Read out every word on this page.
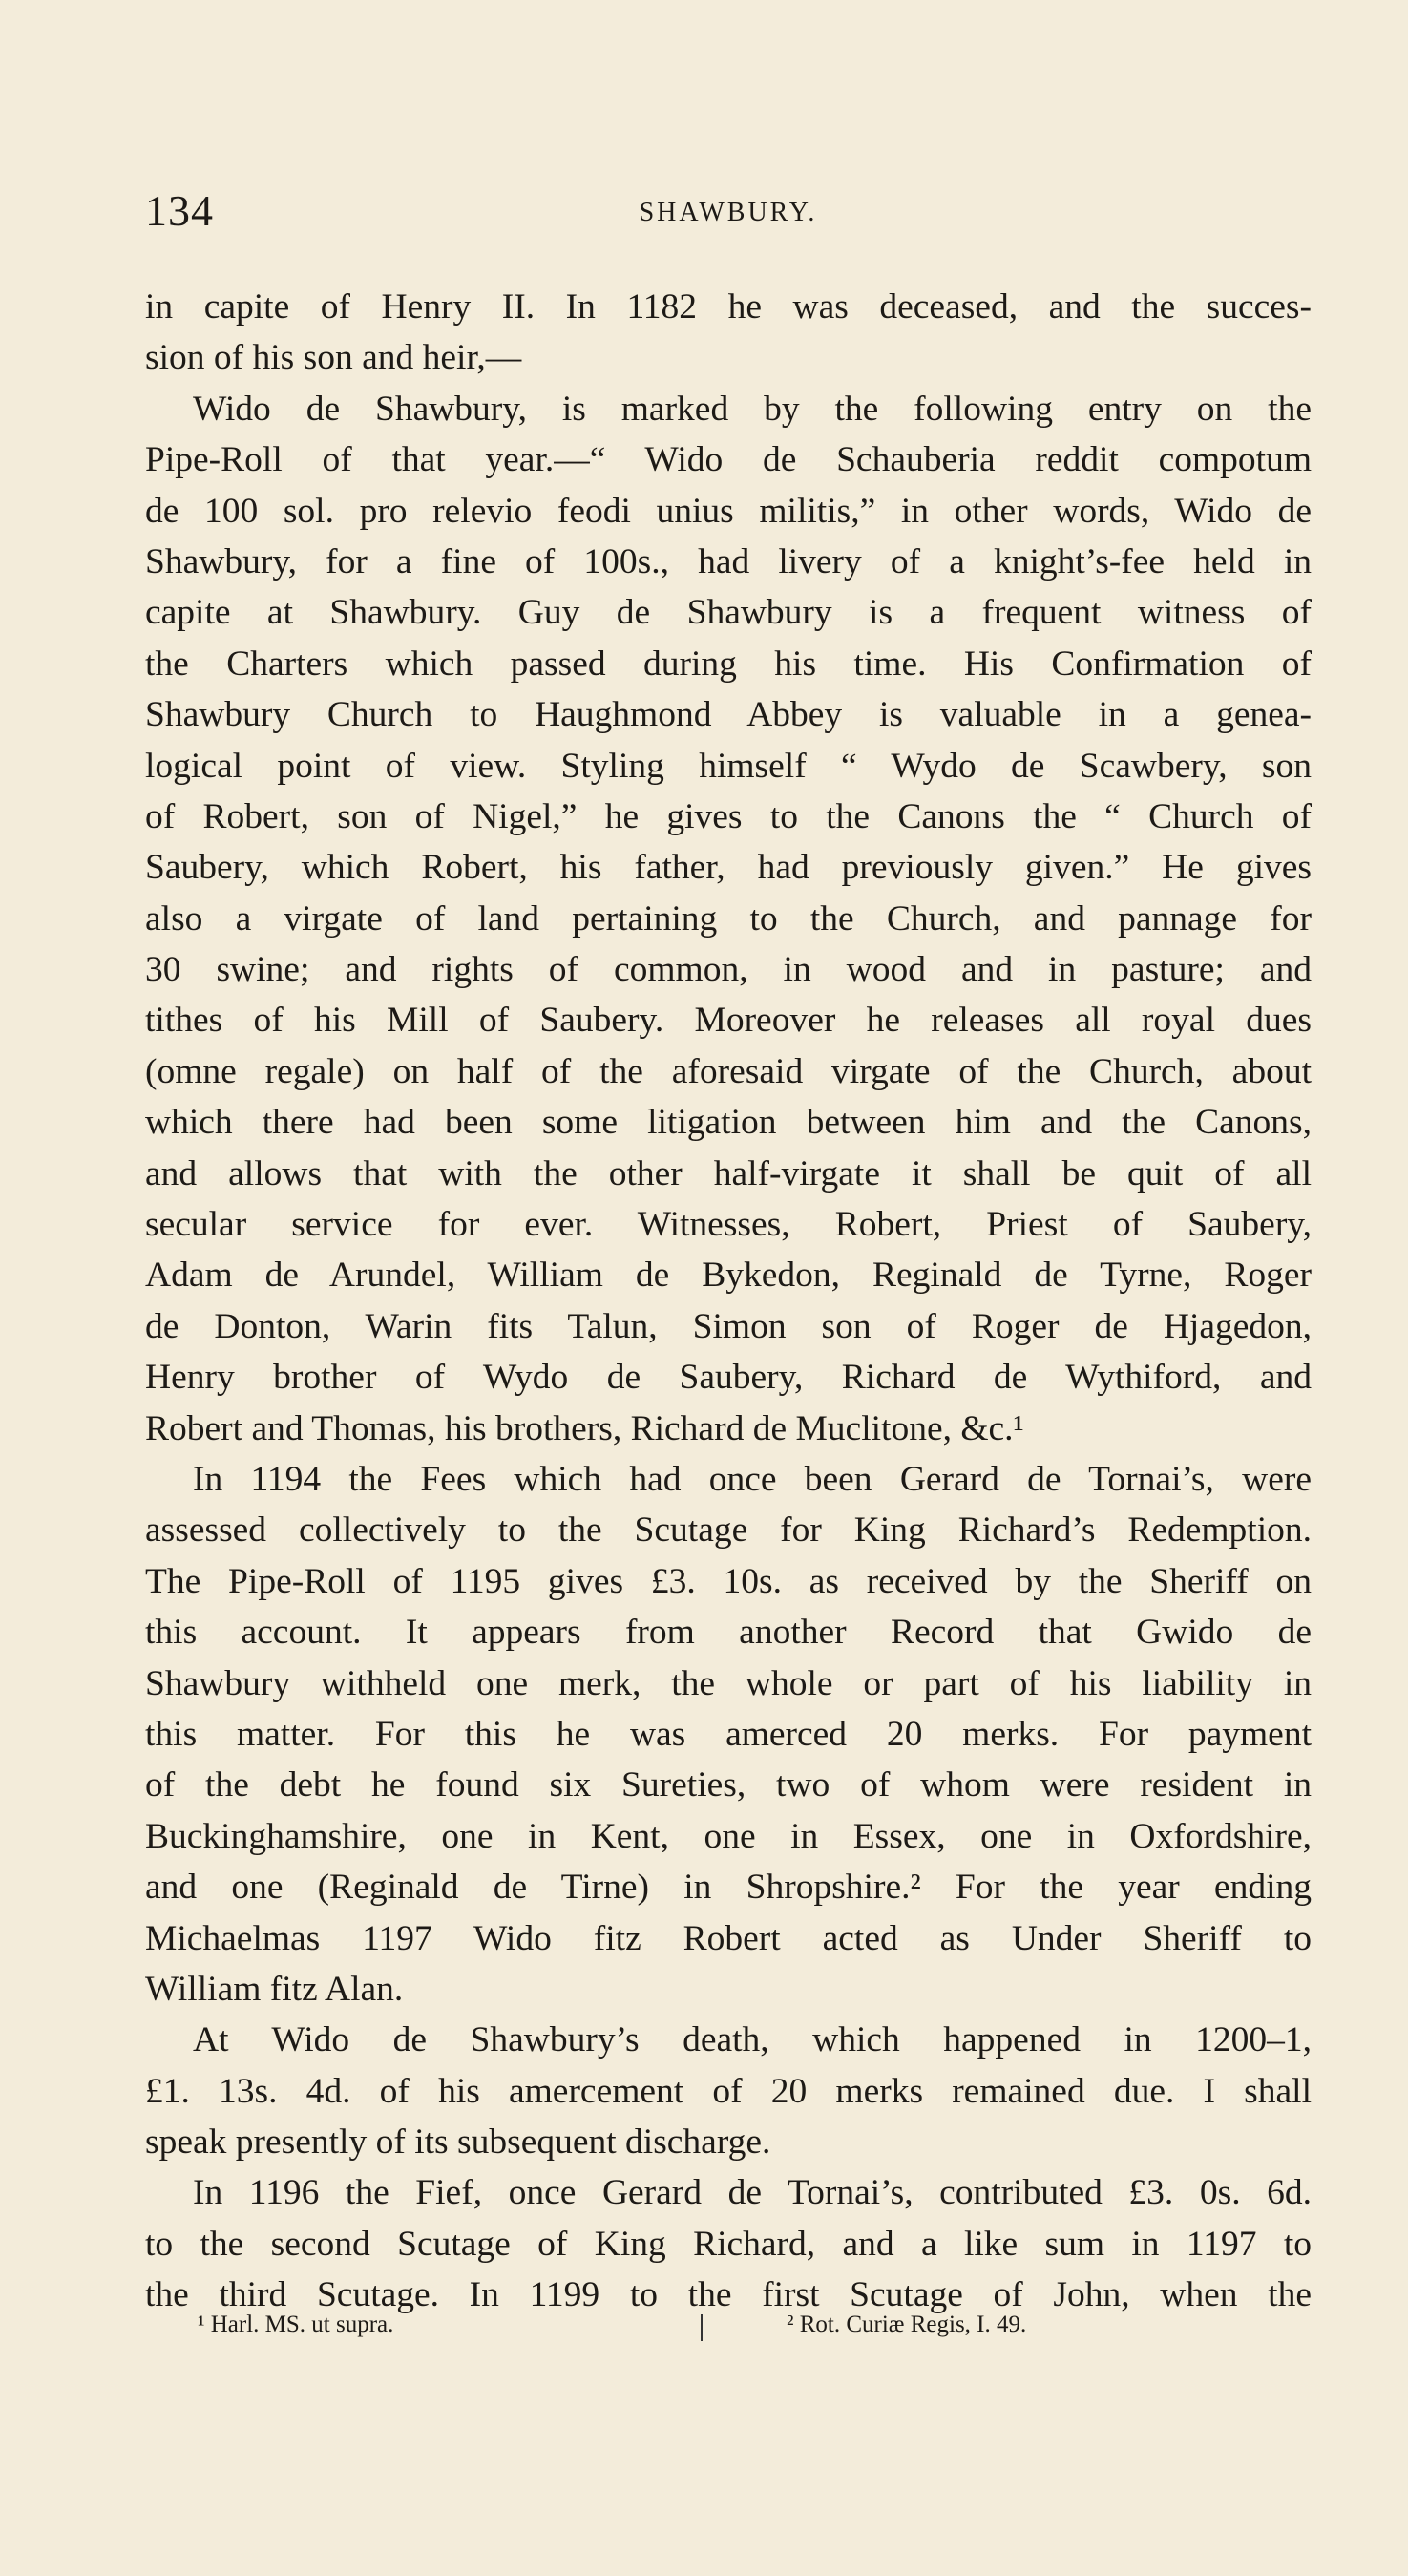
134	SHAWBURY.
in capite of Henry II. In 1182 he was deceased, and the succes-
sion of his son and heir,—
Wido de Shawbury, is marked by the following entry on the
Pipe-Roll of that year.—“ Wido de Schauberia reddit compotum
de 100 sol. pro relevio feodi unius militis,” in other words, Wido de
Shawbury, for a fine of 100s., had livery of a knight’s-fee held in
capite at Shawbury. Guy de Shawbury is a frequent witness of
the Charters which passed during his time. His Confirmation of
Shawbury Church to Haughmond Abbey is valuable in a genea-
logical point of view. Styling himself “ Wydo de Scawbery, son
of Robert, son of Nigel,” he gives to the Canons the “ Church of
Saubery, which Robert, his father, had previously given.” He gives
also a virgate of land pertaining to the Church, and pannage for
30 swine; and rights of common, in wood and in pasture; and
tithes of his Mill of Saubery. Moreover he releases all royal dues
(omne regale) on half of the aforesaid virgate of the Church, about
which there had been some litigation between him and the Canons,
and allows that with the other half-virgate it shall be quit of all
secular service for ever. Witnesses, Robert, Priest of Saubery,
Adam de Arundel, William de Bykedon, Reginald de Tyrne, Roger
de Donton, Warin fits Talun, Simon son of Roger de Hjagedon,
Henry brother of Wydo de Saubery, Richard de Wythiford, and
Robert and Thomas, his brothers, Richard de Muclitone, &c.¹
In 1194 the Fees which had once been Gerard de Tornai’s, were
assessed collectively to the Scutage for King Richard’s Redemption.
The Pipe-Roll of 1195 gives £3. 10s. as received by the Sheriff on
this account. It appears from another Record that Gwido de
Shawbury withheld one merk, the whole or part of his liability in
this matter. For this he was amerced 20 merks. For payment
of the debt he found six Sureties, two of whom were resident in
Buckinghamshire, one in Kent, one in Essex, one in Oxfordshire,
and one (Reginald de Tirne) in Shropshire.² For the year ending
Michaelmas 1197 Wido fitz Robert acted as Under Sheriff to
William fitz Alan.
At Wido de Shawbury’s death, which happened in 1200–1,
£1. 13s. 4d. of his amercement of 20 merks remained due. I shall
speak presently of its subsequent discharge.
In 1196 the Fief, once Gerard de Tornai’s, contributed £3. 0s. 6d.
to the second Scutage of King Richard, and a like sum in 1197 to
the third Scutage. In 1199 to the first Scutage of John, when the
¹ Harl. MS. ut supra.	² Rot. Curiæ Regis, I. 49.
